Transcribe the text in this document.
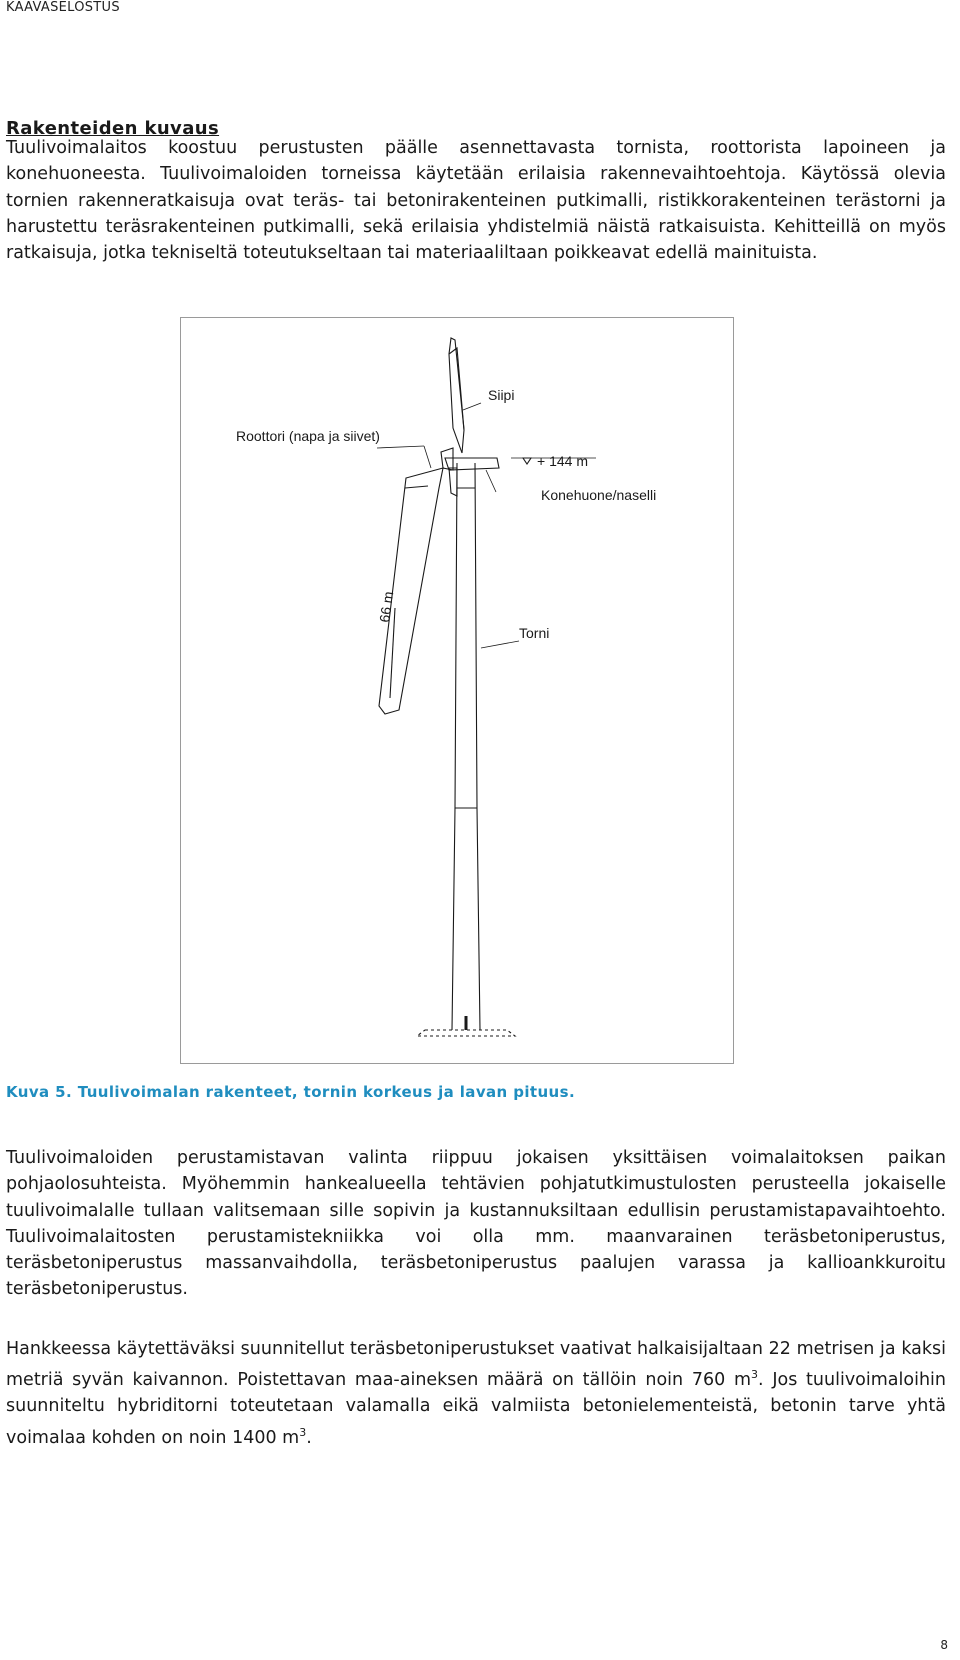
KAAVASELOSTUS
Rakenteiden kuvaus

Tuulivoimalaitos koostuu perustusten päälle asennettavasta tornista, roottorista lapoineen ja konehuoneesta. Tuulivoimaloiden torneissa käytetään erilaisia rakennevaihtoehtoja. Käytössä olevia tornien rakenneratkaisuja ovat teräs- tai betonirakenteinen putkimalli, ristikkorakenteinen terästorni ja harustettu teräsrakenteinen putkimalli, sekä erilaisia yhdistelmiä näistä ratkaisuista. Kehitteillä on myös ratkaisuja, jotka tekniseltä toteutukseltaan tai materiaaliltaan poikkeavat edellä mainituista.

Siipi
Roottori (napa ja siivet)
+ 144 m
Konehuone/naselli
66 m
Torni
Kuva 5. Tuulivoimalan rakenteet, tornin korkeus ja lavan pituus.

Tuulivoimaloiden perustamistavan valinta riippuu jokaisen yksittäisen voimalaitoksen paikan pohjaolosuhteista. Myöhemmin hankealueella tehtävien pohjatutkimustulosten perusteella jokaiselle tuulivoimalalle tullaan valitsemaan sille sopivin ja kustannuksiltaan edullisin perustamistapavaihtoehto. Tuulivoimalaitosten perustamistekniikka voi olla mm. maanvarainen teräsbetoniperustus, teräsbetoniperustus massanvaihdolla, teräsbetoniperustus paalujen varassa ja kallioankkuroitu teräsbetoniperustus.

Hankkeessa käytettäväksi suunnitellut teräsbetoniperustukset vaativat halkaisijaltaan 22 metrisen ja kaksi metriä syvän kaivannon. Poistettavan maa-aineksen määrä on tällöin noin 760 $m^3$. Jos tuulivoimaloihin suunniteltu hybriditorni toteutetaan valamalla eikä valmiista betonielementeistä, betonin tarve yhtä voimalaa kohden on noin 1400 $m^3$.

8
